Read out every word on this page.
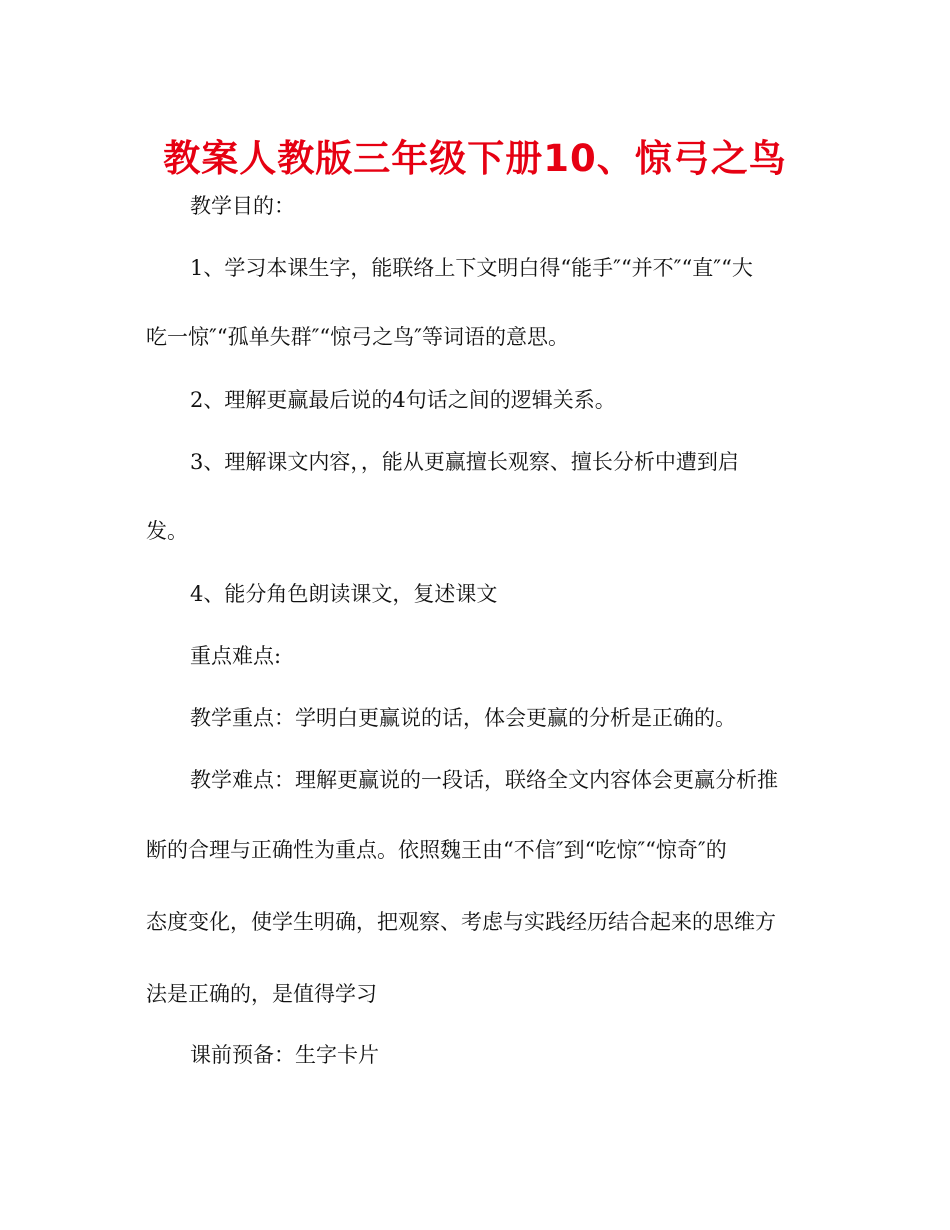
教案人教版三年级下册10、惊弓之鸟
教学目的：
1、学习本课生字，能联络上下文明白得“能手″“并不″“直″“大
吃一惊″“孤单失群″“惊弓之鸟″等词语的意思。
2、理解更赢最后说的4句话之间的逻辑关系。
3、理解课文内容，，能从更赢擅长观察、擅长分析中遭到启
发。
4、能分角色朗读课文，复述课文
重点难点:
教学重点：学明白更赢说的话，体会更赢的分析是正确的。
教学难点：理解更赢说的一段话，联络全文内容体会更赢分析推
断的合理与正确性为重点。依照魏王由“不信″到“吃惊″“惊奇″的
态度变化，使学生明确，把观察、考虑与实践经历结合起来的思维方
法是正确的，是值得学习
课前预备：生字卡片
